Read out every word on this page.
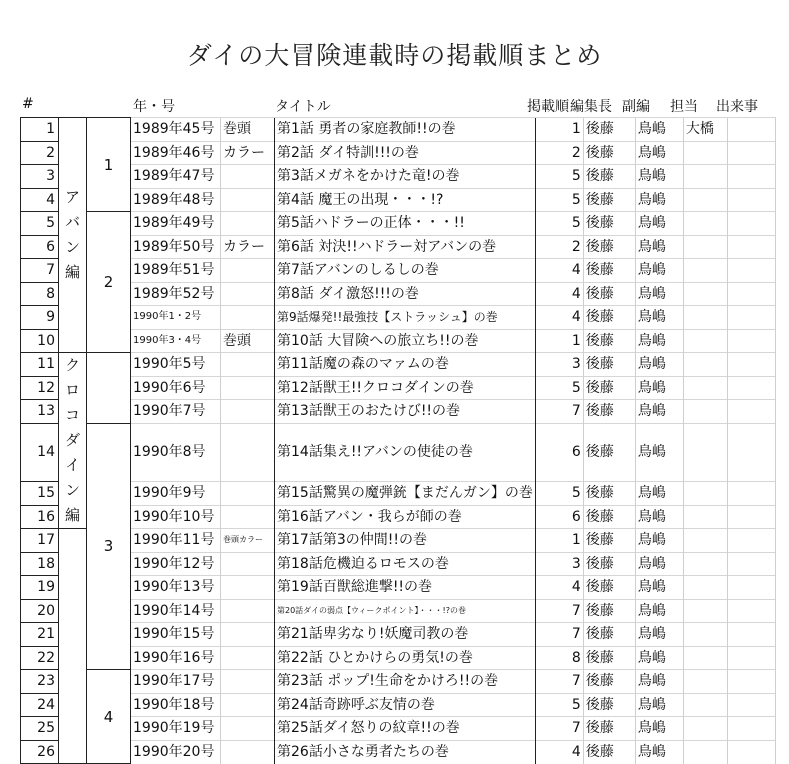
ダイの大冒険連載時の掲載順まとめ
#	年・号	タイトル	掲載順 編集長 副編 担当 出来事
1	アバン編	1	1989年45号	巻頭	第1話 勇者の家庭教師!!の巻	1	後藤	鳥嶋	大橋	
2			1989年46号	カラー	第2話 ダイ特訓!!!の巻	2	後藤	鳥嶋		
3			1989年47号		第3話メガネをかけた竜!の巻	5	後藤	鳥嶋		
4			1989年48号		第4話 魔王の出現・・・!?	5	後藤	鳥嶋		
5		2	1989年49号		第5話ハドラーの正体・・・!!	5	後藤	鳥嶋		
6			1989年50号	カラー	第6話 対決!!ハドラー対アバンの巻	2	後藤	鳥嶋		
7			1989年51号		第7話アバンのしるしの巻	4	後藤	鳥嶋		
8			1989年52号		第8話 ダイ激怒!!!の巻	4	後藤	鳥嶋		
9			1990年1・2号		第9話爆発!!最強技【ストラッシュ】の巻	4	後藤	鳥嶋		
10			1990年3・4号	巻頭	第10話 大冒険への旅立ち!!の巻	1	後藤	鳥嶋		
11	クロコダイン編		1990年5号		第11話魔の森のマァムの巻	3	後藤	鳥嶋		
12			1990年6号		第12話獣王!!クロコダインの巻	5	後藤	鳥嶋		
13			1990年7号		第13話獣王のおたけび!!の巻	7	後藤	鳥嶋		
14		3	1990年8号		第14話集え!!アバンの使徒の巻	6	後藤	鳥嶋		
15			1990年9号		第15話驚異の魔弾銃【まだんガン】の巻	5	後藤	鳥嶋		
16			1990年10号		第16話アバン・我らが師の巻	6	後藤	鳥嶋		
17			1990年11号	巻頭カラー	第17話第3の仲間!!の巻	1	後藤	鳥嶋		
18			1990年12号		第18話危機迫るロモスの巻	3	後藤	鳥嶋		
19			1990年13号		第19話百獣総進撃!!の巻	4	後藤	鳥嶋		
20			1990年14号		第20話ダイの弱点【ウィークポイント】・・・!?の巻	7	後藤	鳥嶋		
21			1990年15号		第21話卑劣なり!妖魔司教の巻	7	後藤	鳥嶋		
22			1990年16号		第22話 ひとかけらの勇気!の巻	8	後藤	鳥嶋		
23		4	1990年17号		第23話 ポップ!生命をかけろ!!の巻	7	後藤	鳥嶋		
24			1990年18号		第24話奇跡呼ぶ友情の巻	5	後藤	鳥嶋		
25			1990年19号		第25話ダイ怒りの紋章!!の巻	7	後藤	鳥嶋		
26			1990年20号		第26話小さな勇者たちの巻	4	後藤	鳥嶋		
